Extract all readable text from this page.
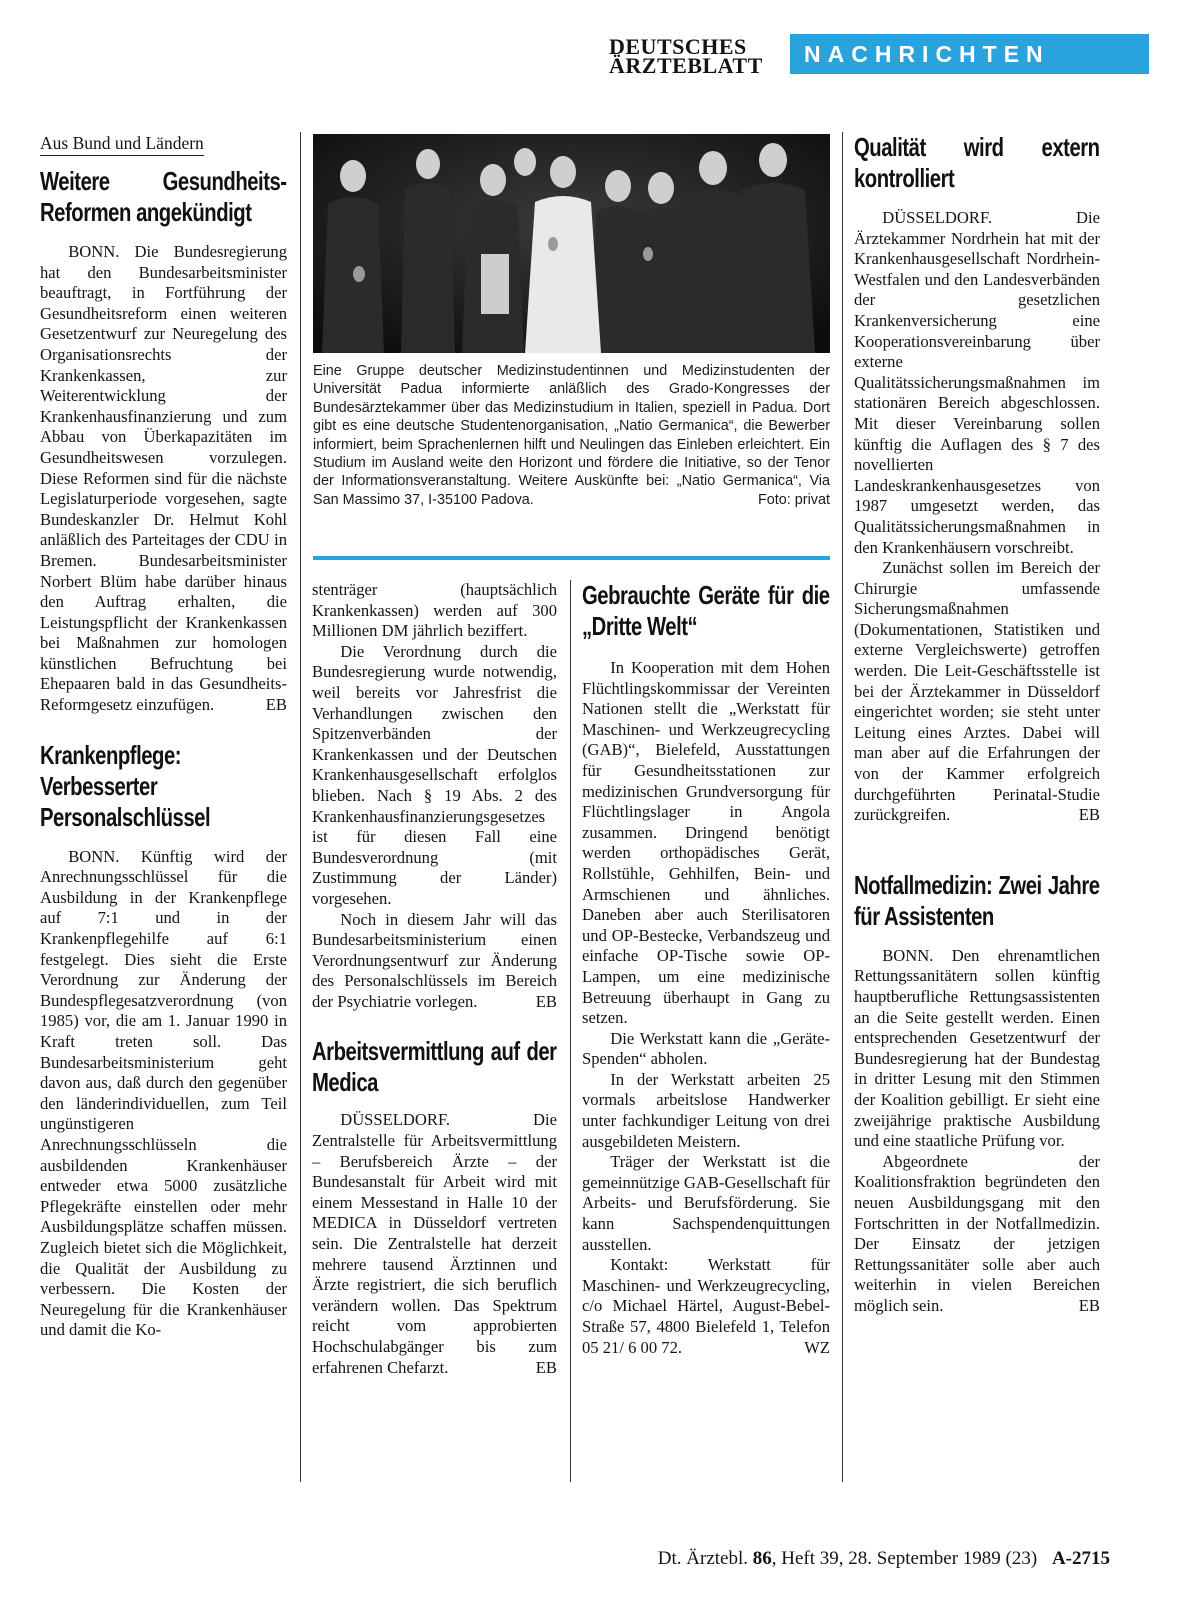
DEUTSCHES
ÄRZTEBLATT NACHRICHTEN
Aus Bund und Ländern
Weitere Gesundheits-Reformen angekündigt

BONN. Die Bundesregierung hat den Bundesarbeitsminister beauftragt, in Fortführung der Gesundheitsreform einen weiteren Gesetzentwurf zur Neuregelung des Organisationsrechts der Krankenkassen, zur Weiterentwicklung der Krankenhausfinanzierung und zum Abbau von Überkapazitäten im Gesundheitswesen vorzulegen. Diese Reformen sind für die nächste Legislaturperiode vorgesehen, sagte Bundeskanzler Dr. Helmut Kohl anläßlich des Parteitages der CDU in Bremen. Bundesarbeitsminister Norbert Blüm habe darüber hinaus den Auftrag erhalten, die Leistungspflicht der Krankenkassen bei Maßnahmen zur homologen künstlichen Befruchtung bei Ehepaaren bald in das Gesundheits-Reformgesetz einzufügen.	EB

Krankenpflege: Verbesserter Personalschlüssel

BONN. Künftig wird der Anrechnungsschlüssel für die Ausbildung in der Krankenpflege auf 7:1 und in der Krankenpflegehilfe auf 6:1 festgelegt. Dies sieht die Erste Verordnung zur Änderung der Bundespflegesatzverordnung (von 1985) vor, die am 1. Januar 1990 in Kraft treten soll. Das Bundesarbeitsministerium geht davon aus, daß durch den gegenüber den länderindividuellen, zum Teil ungünstigeren Anrechnungsschlüsseln die ausbildenden Krankenhäuser entweder etwa 5000 zusätzliche Pflegekräfte einstellen oder mehr Ausbildungsplätze schaffen müssen. Zugleich bietet sich die Möglichkeit, die Qualität der Ausbildung zu verbessern. Die Kosten der Neuregelung für die Krankenhäuser und damit die Ko-

Eine Gruppe deutscher Medizinstudentinnen und Medizinstudenten der Universität Padua informierte anläßlich des Grado-Kongresses der Bundesärztekammer über das Medizinstudium in Italien, speziell in Padua. Dort gibt es eine deutsche Studentenorganisation, „Natio Germanica“, die Bewerber informiert, beim Sprachenlernen hilft und Neulingen das Einleben erleichtert. Ein Studium im Ausland weite den Horizont und fördere die Initiative, so der Tenor der Informationsveranstaltung. Weitere Auskünfte bei: „Natio Germanica“, Via San Massimo 37, I-35100 Padova.	Foto: privat

stenträger (hauptsächlich Krankenkassen) werden auf 300 Millionen DM jährlich beziffert.

Die Verordnung durch die Bundesregierung wurde notwendig, weil bereits vor Jahresfrist die Verhandlungen zwischen den Spitzenverbänden der Krankenkassen und der Deutschen Krankenhausgesellschaft erfolglos blieben. Nach § 19 Abs. 2 des Krankenhausfinanzierungsgesetzes ist für diesen Fall eine Bundesverordnung (mit Zustimmung der Länder) vorgesehen.

Noch in diesem Jahr will das Bundesarbeitsministerium einen Verordnungsentwurf zur Änderung des Personalschlüssels im Bereich der Psychiatrie vorlegen.	EB

Arbeitsvermittlung auf der Medica

DÜSSELDORF. Die Zentralstelle für Arbeitsvermittlung – Berufsbereich Ärzte – der Bundesanstalt für Arbeit wird mit einem Messestand in Halle 10 der MEDICA in Düsseldorf vertreten sein. Die Zentralstelle hat derzeit mehrere tausend Ärztinnen und Ärzte registriert, die sich beruflich verändern wollen. Das Spektrum reicht vom approbierten Hochschulabgänger bis zum erfahrenen Chefarzt.	EB

Gebrauchte Geräte für die „Dritte Welt“

In Kooperation mit dem Hohen Flüchtlingskommissar der Vereinten Nationen stellt die „Werkstatt für Maschinen- und Werkzeugrecycling (GAB)“, Bielefeld, Ausstattungen für Gesundheitsstationen zur medizinischen Grundversorgung für Flüchtlingslager in Angola zusammen. Dringend benötigt werden orthopädisches Gerät, Rollstühle, Gehhilfen, Bein- und Armschienen und ähnliches. Daneben aber auch Sterilisatoren und OP-Bestecke, Verbandszeug und einfache OP-Tische sowie OP-Lampen, um eine medizinische Betreuung überhaupt in Gang zu setzen.

Die Werkstatt kann die „Geräte-Spenden“ abholen.

In der Werkstatt arbeiten 25 vormals arbeitslose Handwerker unter fachkundiger Leitung von drei ausgebildeten Meistern.

Träger der Werkstatt ist die gemeinnützige GAB-Gesellschaft für Arbeits- und Berufsförderung. Sie kann Sachspendenquittungen ausstellen.

Kontakt: Werkstatt für Maschinen- und Werkzeugrecycling, c/o Michael Härtel, August-Bebel-Straße 57, 4800 Bielefeld 1, Telefon 05 21/ 6 00 72.	WZ

Qualität wird extern kontrolliert

DÜSSELDORF. Die Ärztekammer Nordrhein hat mit der Krankenhausgesellschaft Nordrhein-Westfalen und den Landesverbänden der gesetzlichen Krankenversicherung eine Kooperationsvereinbarung über externe Qualitätssicherungsmaßnahmen im stationären Bereich abgeschlossen. Mit dieser Vereinbarung sollen künftig die Auflagen des § 7 des novellierten Landeskrankenhausgesetzes von 1987 umgesetzt werden, das Qualitätssicherungsmaßnahmen in den Krankenhäusern vorschreibt.

Zunächst sollen im Bereich der Chirurgie umfassende Sicherungsmaßnahmen (Dokumentationen, Statistiken und externe Vergleichswerte) getroffen werden. Die Leit-Geschäftsstelle ist bei der Ärztekammer in Düsseldorf eingerichtet worden; sie steht unter Leitung eines Arztes. Dabei will man aber auf die Erfahrungen der von der Kammer erfolgreich durchgeführten Perinatal-Studie zurückgreifen.	EB

Notfallmedizin: Zwei Jahre für Assistenten

BONN. Den ehrenamtlichen Rettungssanitätern sollen künftig hauptberufliche Rettungsassistenten an die Seite gestellt werden. Einen entsprechenden Gesetzentwurf der Bundesregierung hat der Bundestag in dritter Lesung mit den Stimmen der Koalition gebilligt. Er sieht eine zweijährige praktische Ausbildung und eine staatliche Prüfung vor.

Abgeordnete der Koalitionsfraktion begründeten den neuen Ausbildungsgang mit den Fortschritten in der Notfallmedizin. Der Einsatz der jetzigen Rettungssanitäter solle aber auch weiterhin in vielen Bereichen möglich sein.	EB

Dt. Ärztebl. 86, Heft 39, 28. September 1989 (23) A-2715
